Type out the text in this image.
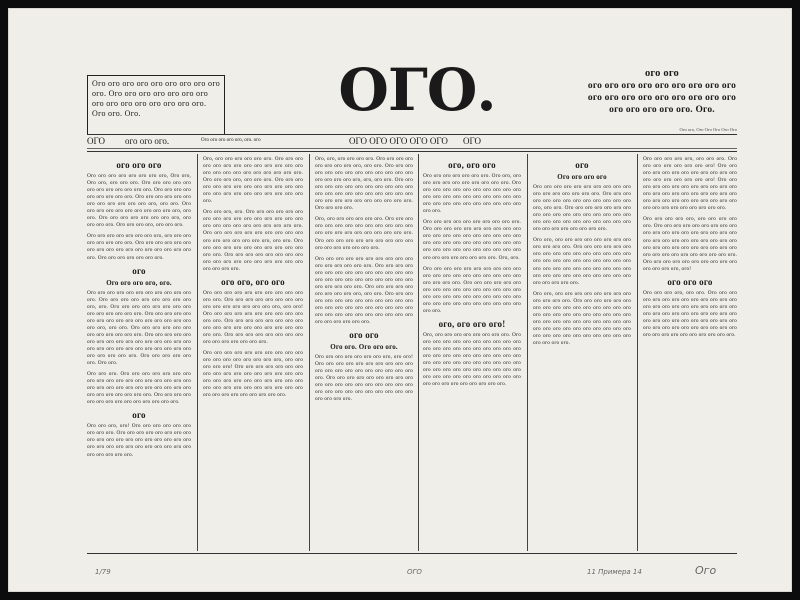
Ого ого ого ого ого ого ого ого ого ого. Ого ого ого ого ого ого ого ого ого ого ого ого ого ого ого. Ого ого. Ого.	ОГО.	ого ого
ого ого ого ого ого ого ого ого ого ого ого ого ого ого ого ого ого ого ого ого ого ого ого. Ого.
Ого ого, Ого Ого Ого Ого Ого
ОГО ого ого ого.	Ого ого ого ого ого, ого. ого	ОГО ОГО ОГО ОГО ОГО ОГО
ого ого ого

Ого ого ого ого ого ого ого ого, Ого ого, Ого ого, ого ого ого. Ого ого ого ого ого ого ого ого ого ого ого ого. Ого ого ого ого ого ого ого ого ого. Ого ого ого ого ого ого ого ого ого ого ого ого ого, ого ого. Ого ого ого ого ого ого ого ого ого ого ого, ого ого. Ого ого ого ого ого ого ого ого, ого ого ого ого. Ого ого ого ого, ого ого ого.

Ого ого ого ого ого ого ого ого, ого ого ого ого ого ого ого ого. Ого ого ого ого ого ого ого ого ого ого ого ого ого ого ого ого ого ого. Ого ого ого ого ого ого ого.

ого
Ого ого ого ого, ого.

Ого ого ого ого ого ого ого ого ого ого ого ого. Ого ого ого ого ого ого ого ого ого ого, ого. Ого ого ого ого ого ого ого ого ого ого ого ого ого ого. Ого ого ого ого ого ого ого ого ого ого ого ого ого ого ого ого ого ого, ого ого. Ого ого ого ого ого ого ого ого ого ого ого ого. Ого ого ого ого ого ого ого ого ого ого ого ого ого ого ого ого ого ого ого ого ого ого ого ого ого ого ого ого ого ого ого ого. Ого ого ого ого ого ого. Ого ого.

Ого ого ого. Ого ого ого ого ого ого ого ого ого ого ого ого ого ого ого ого ого ого ого ого ого ого ого ого ого ого ого ого ого ого ого ого ого ого ого ого. Ого ого ого ого ого ого ого ого ого ого ого ого ого ого.

ого

Ого ого ого, ого! Ого ого ого ого ого ого ого ого ого. Ого ого ого ого ого ого ого ого ого ого ого ого ого ого ого ого ого ого ого ого ого ого ого ого ого ого ого ого ого ого ого ого ого ого ого.

Ого, ого ого ого ого ого ого. Ого ого ого ого ого ого ого ого ого ого ого ого ого ого ого ого ого ого ого ого ого ого ого. Ого ого ого ого, ого ого ого. Ого ого ого ого ого ого ого ого ого ого ого ого ого ого ого ого ого ого ого ого ого ого ого ого.

Ого ого ого, ого. Ого ого ого ого ого ого ого ого ого ого ого ого ого ого ого ого ого ого ого ого ого ого ого ого ого ого. Ого ого ого ого ого ого ого ого ого ого ого ого ого ого ого ого ого, ого ого. Ого ого ого ого ого ого ого ого ого ого ого ого ого. Ого ого ого ого ого ого ого ого ого ого ого ого ого ого ого ого ого ого ого ого ого ого.

ого ого, ого ого

Ого ого ого ого ого ого ого ого ого ого ого ого. Ого ого ого ого ого ого ого ого ого ого ого ого ого ого ого ого, ого ого! Ого ого ого ого ого ого ого ого ого ого ого ого. Ого ого ого ого ого ого ого ого ого ого ого ого ого ого ого ого ого ого ого ого. Ого ого ого ого ого ого ого ого ого ого ого ого ого ого ого.

Ого ого ого ого ого ого ого ого ого ого ого ого ого ого ого ого ого ого, ого ого ого ого ого! Ого ого ого ого ого ого ого ого ого ого ого ого ого ого ого ого ого ого ого ого ого ого ого ого ого ого ого ого ого ого ого ого ого ого ого ого ого ого ого ого ого ого ого ого ого ого.

Ого, ого, ого ого ого ого. Ого ого ого ого ого ого ого ого ого, ого ого. Ого ого ого ого ого ого ого ого ого ого ого ого ого ого ого ого ого ого, ого, ого ого. Ого ого ого ого ого ого ого ого ого ого ого ого ого ого ого ого ого ого ого ого ого ого ого ого ого ого ого ого ого ого ого ого. Ого ого ого ого.

Ого, ого ого ого ого ого ого. Ого ого ого ого ого ого ого ого ого ого ого ого ого ого ого ого ого ого ого ого ого ого ого. Ого ого ого ого ого ого ого ого ого ого ого ого ого ого ого ого ого.

Ого ого ого ого ого ого ого ого ого ого ого ого ого ого ого ого. Ого ого ого ого ого ого ого ого ого ого ого ого ого ого ого ого ого ого ого ого ого ого ого ого ого ого ого ого ого. Ого ого ого ого ого ого ого ого ого ого, ого ого. Ого ого ого ого ого ого ого ого ого ого ого ого ого ого ого ого ого ого ого ого ого ого ого ого ого ого ого ого ого ого ого ого ого ого ого ого ого ого ого.

ого ого
Ого ого. Ого ого ого.

Ого ого ого ого ого ого ого ого, ого ого! Ого ого ого ого ого ого ого ого ого ого ого ого ого ого ого ого ого ого ого ого ого. Ого ого ого ого ого ого ого ого ого ого ого ого ого ого ого ого ого ого ого ого ого ого ого ого ого ого ого ого ого ого ого ого ого.

ого, ого ого

Ого ого ого ого ого ого ого. Ого ого, ого ого ого ого ого ого ого ого ого ого. Ого ого ого ого ого ого ого ого ого ого ого ого ого ого ого ого ого ого ого ого ого ого ого ого ого ого ого ого ого ого ого ого ого.

Ого ого ого ого ого ого ого ого ого ого. Ого ого ого ого ого ого ого ого ого ого ого ого ого ого ого ого ого ого ого ого ого ого ого ого ого ого ого ого ого ого ого ого ого ого ого ого ого ого ого ого ого ого ого ого ого ого ого ого. Ого, ого.

Ого ого ого ого ого ого ого ого ого ого ого ого ого ого ого ого ого ого ого ого ого ого ого ого. Ого ого ого ого ого ого ого ого ого ого ого ого ого ого ого ого ого ого ого ого ого ого ого ого ого ого ого ого ого ого ого ого ого ого ого ого ого ого.

ого, ого ого ого!

Ого, ого ого ого ого ого ого ого ого. Ого ого ого ого ого ого ого ого ого ого ого ого ого ого ого ого ого ого ого ого ого ого ого ого ого ого ого ого ого ого ого ого ого ого ого ого ого ого ого ого ого ого ого ого ого ого ого ого ого ого ого ого ого ого ого ого ого ого ого ого ого ого ого ого ого ого ого ого ого ого.

ого
Ого ого ого ого

Ого ого ого ого ого ого ого ого ого ого ого ого ого ого ого ого ого. Ого ого ого ого ого ого ого ого ого ого ого ого ого ого, ого ого. Ого ого ого ого ого ого ого ого ого ого ого ого ого ого ого ого ого ого ого ого ого ого ого ого ого ого ого ого ого ого ого ого ого ого ого.

Ого ого, ого ого ого ого ого ого ого ого ого ого ого ого. Ого ого ого ого ого ого ого ого ого ого ого ого ого ого ого ого ого ого ого ого ого ого ого ого ого ого ого ого ого ого ого ого ого ого ого ого ого ого ого ого ого ого ого ого ого ого ого ого ого ого ого.

Ого ого, ого ого ого ого ого ого ого ого ого ого ого ого. Ого ого ого ого ого ого ого ого ого ого ого ого ого ого ого ого ого ого ого ого ого ого ого ого ого ого ого ого ого ого ого ого ого ого ого ого ого ого ого ого ого ого ого ого ого ого ого ого ого ого ого ого ого ого ого ого ого ого ого ого.

Ого ого ого ого ого, ого ого ого. Ого ого ого ого ого ого ого ого! Ого ого ого ого ого ого ого ого ого ого ого ого ого ого ого ого ого ого ого! Ого ого ого ого ого ого ого ого ого ого ого ого ого ого ого ого ого ого ого ого ого ого ого ого ого ого ого ого ого ого ого ого ого ого ого ого ого ого ого ого ого.

Ого ого ого ого ого, ого ого ого ого ого. Ого ого ого ого ого ого ого ого ого ого ого ого ого ого ого ого ого ого ого ого ого ого ого ого ого ого ого ого ого ого ого ого ого ого ого ого ого ого ого ого ого ого ого ого ого ого ого ого ого. Ого ого ого ого ого ого ого ого ого ого ого ого ого ого, ого!

ого ого ого

Ого ого ого ого, ого ого. Ого ого ого ого ого ого ого ого ого ого ого ого ого ого ого ого ого ого ого ого ого ого ого ого ого ого ого ого ого ого ого ого ого ого ого ого ого ого ого ого ого ого ого ого ого ого ого ого ого ого ого ого ого ого ого ого ого ого ого ого ого ого ого.

1/79	ОГО	11 Примера 14	Ого
